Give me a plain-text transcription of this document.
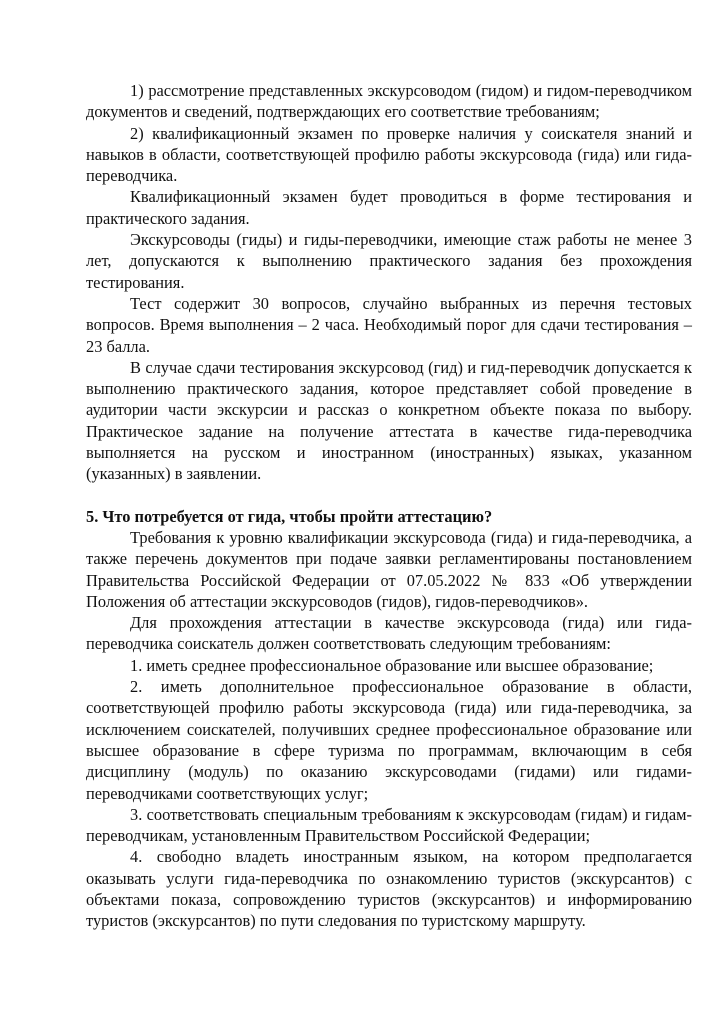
1) рассмотрение представленных экскурсоводом (гидом) и гидом-переводчиком документов и сведений, подтверждающих его соответствие требованиям;

2) квалификационный экзамен по проверке наличия у соискателя знаний и навыков в области, соответствующей профилю работы экскурсовода (гида) или гида-переводчика.

Квалификационный экзамен будет проводиться в форме тестирования и практического задания.

Экскурсоводы (гиды) и гиды-переводчики, имеющие стаж работы не менее 3 лет, допускаются к выполнению практического задания без прохождения тестирования.

Тест содержит 30 вопросов, случайно выбранных из перечня тестовых вопросов. Время выполнения – 2 часа. Необходимый порог для сдачи тестирования – 23 балла.

В случае сдачи тестирования экскурсовод (гид) и гид-переводчик допускается к выполнению практического задания, которое представляет собой проведение в аудитории части экскурсии и рассказ о конкретном объекте показа по выбору. Практическое задание на получение аттестата в качестве гида-переводчика выполняется на русском и иностранном (иностранных) языках, указанном (указанных) в заявлении.

5. Что потребуется от гида, чтобы пройти аттестацию?

Требования к уровню квалификации экскурсовода (гида) и гида-переводчика, а также перечень документов при подаче заявки регламентированы постановлением Правительства Российской Федерации от 07.05.2022 № 833 «Об утверждении Положения об аттестации экскурсоводов (гидов), гидов-переводчиков».

Для прохождения аттестации в качестве экскурсовода (гида) или гида-переводчика соискатель должен соответствовать следующим требованиям:

1. иметь среднее профессиональное образование или высшее образование;

2. иметь дополнительное профессиональное образование в области, соответствующей профилю работы экскурсовода (гида) или гида-переводчика, за исключением соискателей, получивших среднее профессиональное образование или высшее образование в сфере туризма по программам, включающим в себя дисциплину (модуль) по оказанию экскурсоводами (гидами) или гидами-переводчиками соответствующих услуг;

3. соответствовать специальным требованиям к экскурсоводам (гидам) и гидам-переводчикам, установленным Правительством Российской Федерации;

4. свободно владеть иностранным языком, на котором предполагается оказывать услуги гида-переводчика по ознакомлению туристов (экскурсантов) с объектами показа, сопровождению туристов (экскурсантов) и информированию туристов (экскурсантов) по пути следования по туристскому маршруту.
